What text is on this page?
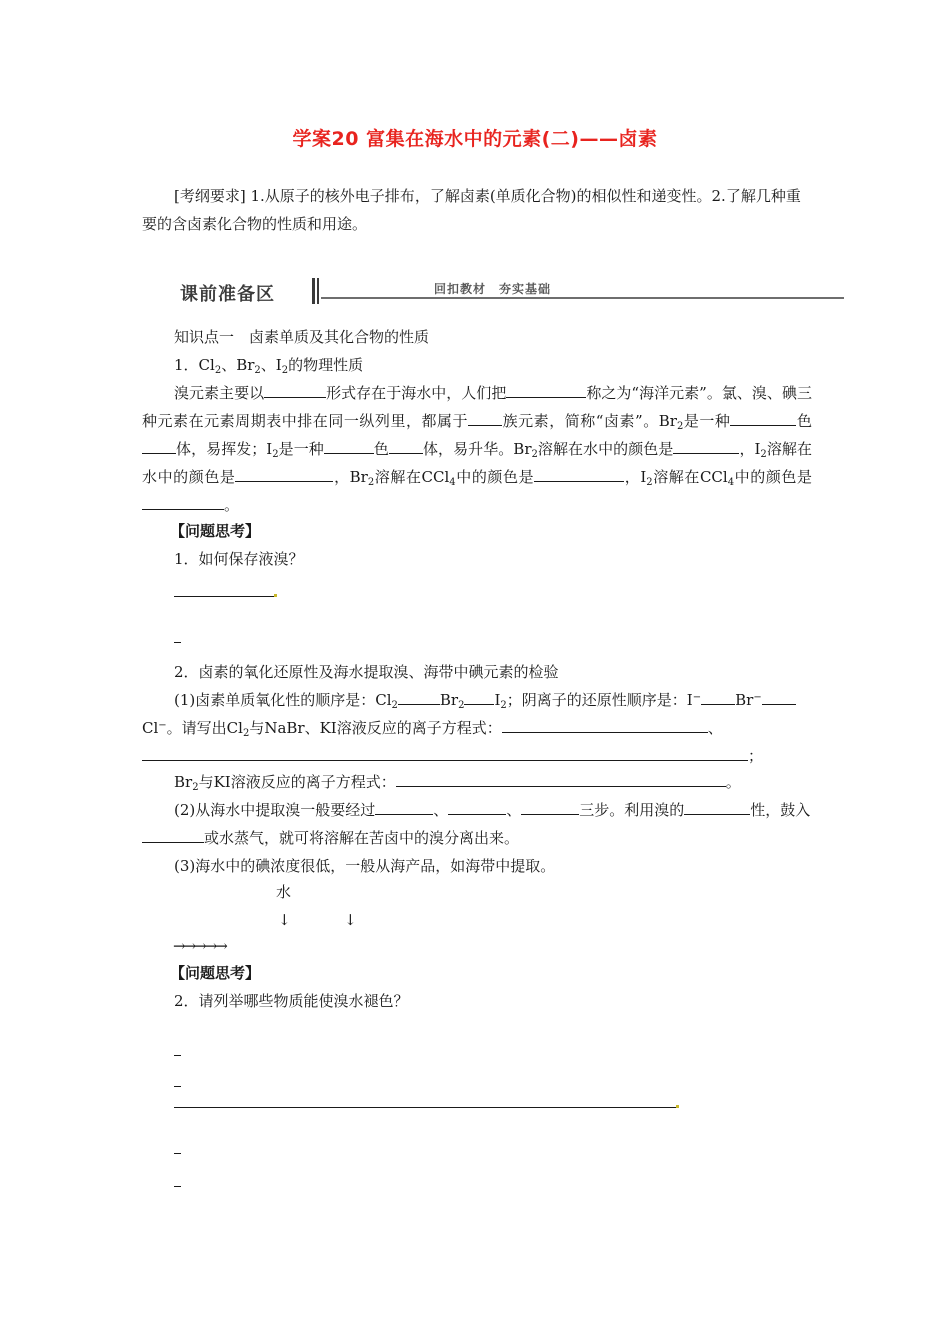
学案20 富集在海水中的元素(二)——卤素
[考纲要求] 1.从原子的核外电子排布，了解卤素(单质化合物)的相似性和递变性。2.了解几种重要的含卤素化合物的性质和用途。
课前准备区	回扣教材　夯实基础
知识点一　卤素单质及其化合物的性质
1．$Cl_2$、$Br_2$、$I_2$的物理性质
溴元素主要以	形式存在于海水中，人们把	称之为“海洋元素”。氯、溴、碘三种元素在元素周期表中排在同一纵列里，都属于 族元素，简称“卤素”。$Br_2$是一种	色体，易挥发；$I_2$是一种	色 体，易升华。$Br_2$溶解在水中的颜色是	，$I_2$溶解在水中的颜色是	，$Br_2$溶解在CCl$_4$中的颜色是	，$I_2$溶解在CCl$_4$中的颜色是。
【问题思考】
1．如何保存液溴？
2．卤素的氧化还原性及海水提取溴、海带中碘元素的检验
(1)卤素单质氧化性的顺序是：$Cl_2$	$Br_2$ $I_2$；阴离子的还原性顺序是：I− Br−Cl−。请写出$Cl_2$与NaBr、KI溶液反应的离子方程式：	、；
$Br_2$与KI溶液反应的离子方程式：	。
(2)从海水中提取溴一般要经过	、	、	三步。利用溴的	性，鼓入或水蒸气，就可将溶解在苦卤中的溴分离出来。
(3)海水中的碘浓度很低，一般从海产品，如海带中提取。
水
↓	↓
→→→→→
【问题思考】
2．请列举哪些物质能使溴水褪色？
